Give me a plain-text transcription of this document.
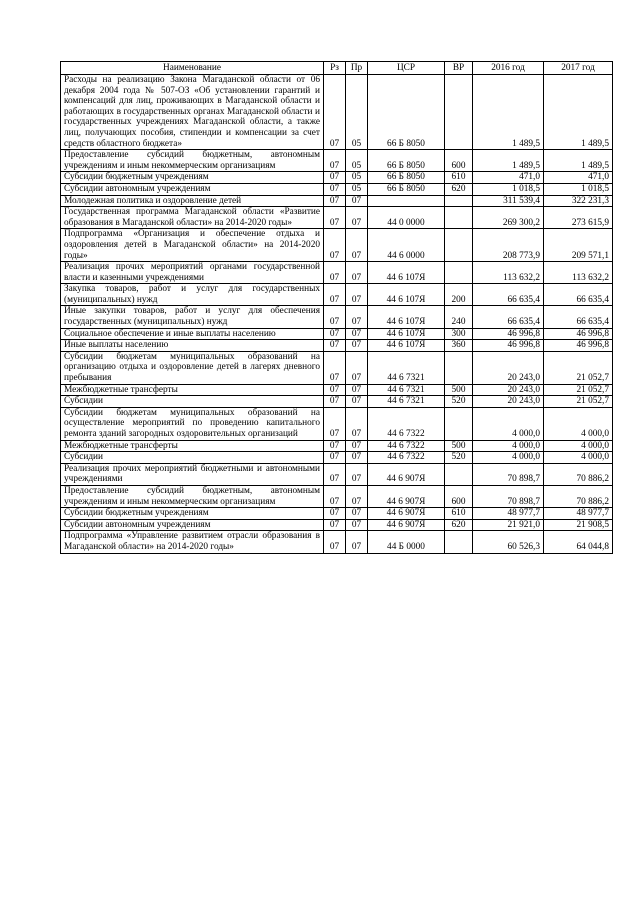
Наименование	Рз	Пр	ЦСР	ВР	2016 год	2017 год
Расходы на реализацию Закона Магаданской области от 06 декабря 2004 года № 507-ОЗ «Об установлении гарантий и компенсаций для лиц, проживающих в Магаданской области и работающих в государственных органах Магаданской области и государственных учреждениях Магаданской области, а также лиц, получающих пособия, стипендии и компенсации за счет средств областного бюджета»	07	05	66 Б 8050		1 489,5	1 489,5
Предоставление субсидий бюджетным, автономным учреждениям и иным некоммерческим организациям	07	05	66 Б 8050	600	1 489,5	1 489,5
Субсидии бюджетным учреждениям	07	05	66 Б 8050	610	471,0	471,0
Субсидии автономным учреждениям	07	05	66 Б 8050	620	1 018,5	1 018,5
Молодежная политика и оздоровление детей	07	07			311 539,4	322 231,3
Государственная программа Магаданской области «Развитие образования в Магаданской области» на 2014-2020 годы»	07	07	44 0 0000		269 300,2	273 615,9
Подпрограмма «Организация и обеспечение отдыха и оздоровления детей в Магаданской области» на 2014-2020 годы»	07	07	44 6 0000		208 773,9	209 571,1
Реализация прочих мероприятий органами государственной власти и казенными учреждениями	07	07	44 6 107Я		113 632,2	113 632,2
Закупка товаров, работ и услуг для государственных (муниципальных) нужд	07	07	44 6 107Я	200	66 635,4	66 635,4
Иные закупки товаров, работ и услуг для обеспечения государственных (муниципальных) нужд	07	07	44 6 107Я	240	66 635,4	66 635,4
Социальное обеспечение и иные выплаты населению	07	07	44 6 107Я	300	46 996,8	46 996,8
Иные выплаты населению	07	07	44 6 107Я	360	46 996,8	46 996,8
Субсидии бюджетам муниципальных образований на организацию отдыха и оздоровление детей в лагерях дневного пребывания	07	07	44 6 7321		20 243,0	21 052,7
Межбюджетные трансферты	07	07	44 6 7321	500	20 243,0	21 052,7
Субсидии	07	07	44 6 7321	520	20 243,0	21 052,7
Субсидии бюджетам муниципальных образований на осуществление мероприятий по проведению капитального ремонта зданий загородных оздоровительных организаций	07	07	44 6 7322		4 000,0	4 000,0
Межбюджетные трансферты	07	07	44 6 7322	500	4 000,0	4 000,0
Субсидии	07	07	44 6 7322	520	4 000,0	4 000,0
Реализация прочих мероприятий бюджетными и автономными учреждениями	07	07	44 6 907Я		70 898,7	70 886,2
Предоставление субсидий бюджетным, автономным учреждениям и иным некоммерческим организациям	07	07	44 6 907Я	600	70 898,7	70 886,2
Субсидии бюджетным учреждениям	07	07	44 6 907Я	610	48 977,7	48 977,7
Субсидии автономным учреждениям	07	07	44 6 907Я	620	21 921,0	21 908,5
Подпрограмма «Управление развитием отрасли образования в Магаданской области» на 2014-2020 годы»	07	07	44 Б 0000		60 526,3	64 044,8
